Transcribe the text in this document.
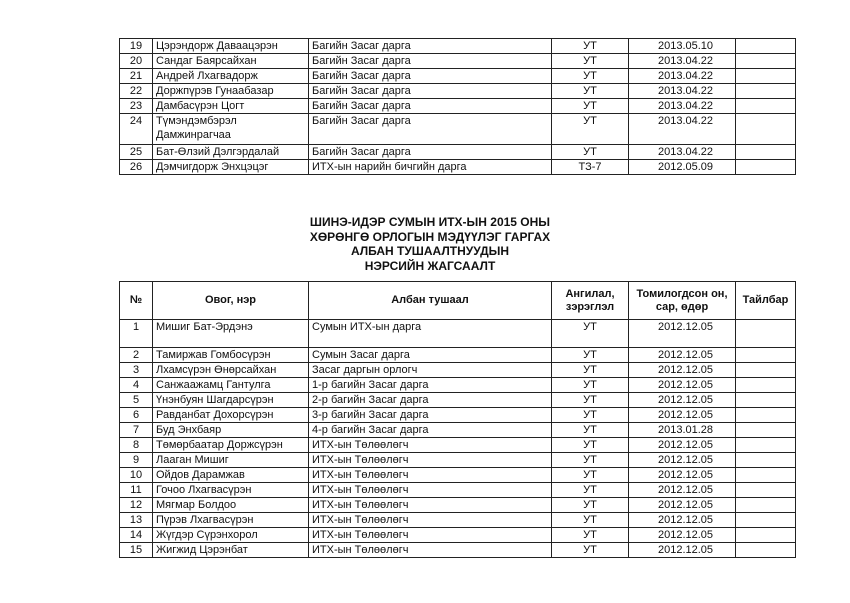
19	Цэрэндорж Даваацэрэн	Багийн Засаг дарга	УТ	2013.05.10	
20	Сандаг Баярсайхан	Багийн Засаг дарга	УТ	2013.04.22	
21	Андрей Лхагвадорж	Багийн Засаг дарга	УТ	2013.04.22	
22	Доржпүрэв Гунаабазар	Багийн Засаг дарга	УТ	2013.04.22	
23	Дамбасүрэн Цогт	Багийн Засаг дарга	УТ	2013.04.22	
24	Түмэндэмбэрэл Дамжинрагчаа	Багийн Засаг дарга	УТ	2013.04.22	
25	Бат-Өлзий Дэлгэрдалай	Багийн Засаг дарга	УТ	2013.04.22	
26	Дэмчигдорж Энхцэцэг	ИТХ-ын нарийн бичгийн дарга	ТЗ-7	2012.05.09	
ШИНЭ-ИДЭР СУМЫН ИТХ-ЫН 2015 ОНЫ
ХӨРӨНГӨ ОРЛОГЫН МЭДҮҮЛЭГ ГАРГАХ
АЛБАН ТУШААЛТНУУДЫН
НЭРСИЙН ЖАГСААЛТ
№	Овог, нэр	Албан тушаал	Ангилал, зэрэглэл	Томилогдсон он, сар, өдөр	Тайлбар
1	Мишиг Бат-Эрдэнэ	Сумын ИТХ-ын дарга	УТ	2012.12.05	
2	Тамиржав Гомбосүрэн	Сумын Засаг дарга	УТ	2012.12.05	
3	Лхамсүрэн Өнөрсайхан	Засаг даргын орлогч	УТ	2012.12.05	
4	Санжаажамц Гантулга	1-р багийн Засаг дарга	УТ	2012.12.05	
5	Үнэнбуян Шагдарсүрэн	2-р багийн Засаг дарга	УТ	2012.12.05	
6	Равданбат Дохорсүрэн	3-р багийн Засаг дарга	УТ	2012.12.05	
7	Буд Энхбаяр	4-р багийн Засаг дарга	УТ	2013.01.28	
8	Төмөрбаатар Доржсүрэн	ИТХ-ын Төлөөлөгч	УТ	2012.12.05	
9	Лааган Мишиг	ИТХ-ын Төлөөлөгч	УТ	2012.12.05	
10	Ойдов Дарамжав	ИТХ-ын Төлөөлөгч	УТ	2012.12.05	
11	Гочоо Лхагвасүрэн	ИТХ-ын Төлөөлөгч	УТ	2012.12.05	
12	Мягмар Болдоо	ИТХ-ын Төлөөлөгч	УТ	2012.12.05	
13	Пүрэв Лхагвасүрэн	ИТХ-ын Төлөөлөгч	УТ	2012.12.05	
14	Жүгдэр Сүрэнхорол	ИТХ-ын Төлөөлөгч	УТ	2012.12.05	
15	Жигжид Цэрэнбат	ИТХ-ын Төлөөлөгч	УТ	2012.12.05	
